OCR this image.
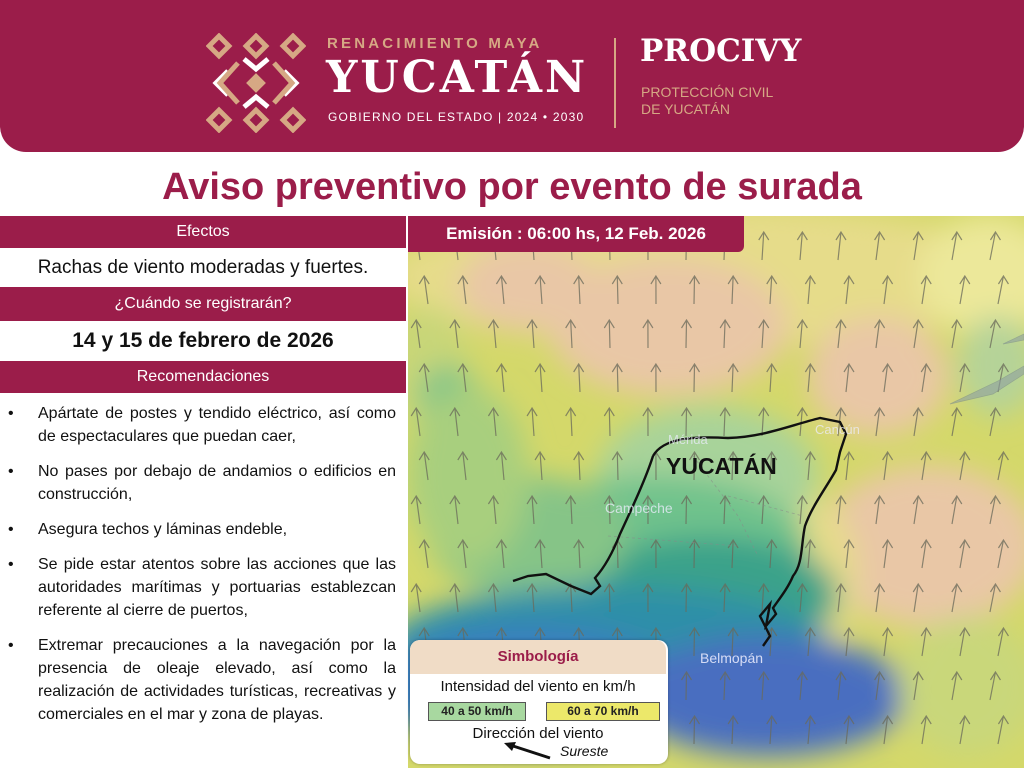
RENACIMIENTO MAYA
YUCATÁN
GOBIERNO DEL ESTADO | 2024 • 2030
PROCIVY
PROTECCIÓN CIVIL
DE YUCATÁN
Aviso preventivo por evento de surada
Efectos
Rachas de viento moderadas y fuertes.
¿Cuándo se registrarán?
14 y 15 de febrero de 2026
Recomendaciones
• Apártate de postes y tendido eléctrico, así como de espectaculares que puedan caer,
• No pases por debajo de andamios o edificios en construcción,
• Asegura techos y láminas endeble,
• Se pide estar atentos sobre las acciones que las autoridades marítimas y portuarias establezcan referente al cierre de puertos,
• Extremar precauciones a la navegación por la presencia de oleaje elevado, así como la realización de actividades turísticas, recreativas y comerciales en el mar y zona de playas.
Mérida
Cancún
Campeche
Belmopán
YUCATÁN
Emisión : 06:00 hs, 12 Feb. 2026
Simbología
Intensidad del viento en km/h
40 a 50 km/h	60 a 70 km/h
Dirección del viento
Sureste
